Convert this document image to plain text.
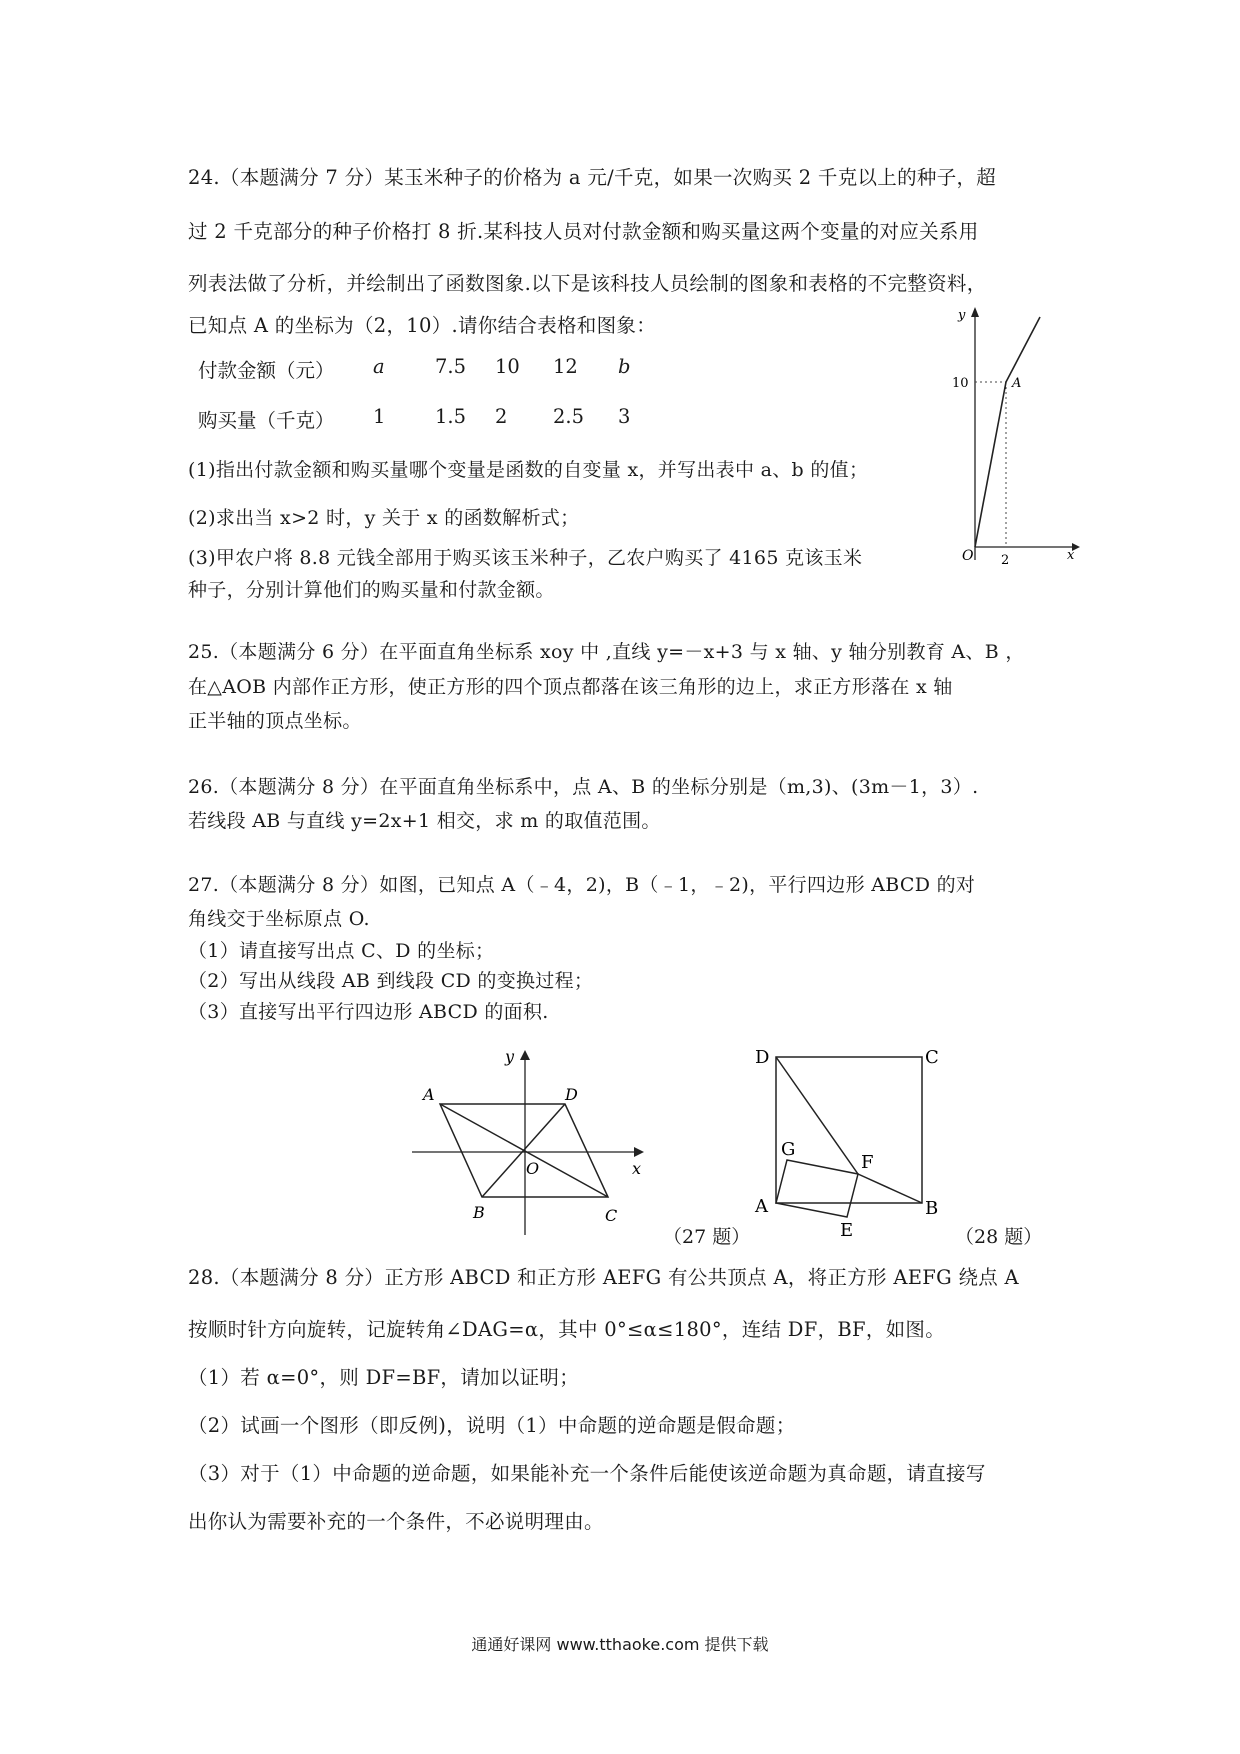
24.（本题满分 7 分）某玉米种子的价格为 a 元/千克，如果一次购买 2 千克以上的种子，超
过 2 千克部分的种子价格打 8 折.某科技人员对付款金额和购买量这两个变量的对应关系用
列表法做了分析，并绘制出了函数图象.以下是该科技人员绘制的图象和表格的不完整资料，
已知点 A 的坐标为（2，10）.请你结合表格和图象：
付款金额（元） a	7.5 10 12 b
购买量（千克） 1	1.5 2 2.5 3
(1)指出付款金额和购买量哪个变量是函数的自变量 x，并写出表中 a、b 的值；
(2)求出当 x>2 时，y 关于 x 的函数解析式；
(3)甲农户将 8.8 元钱全部用于购买该玉米种子，乙农户购买了 4165 克该玉米
种子，分别计算他们的购买量和付款金额。
y
x
O
10
2
A
25.（本题满分 6 分）在平面直角坐标系 xoy 中 ,直线 y=－x+3 与 x 轴、y 轴分别教育 A、B ，
在△AOB 内部作正方形，使正方形的四个顶点都落在该三角形的边上，求正方形落在 x 轴
正半轴的顶点坐标。
26.（本题满分 8 分）在平面直角坐标系中，点 A、B 的坐标分别是（m,3)、(3m－1，3）.
若线段 AB 与直线 y=2x+1 相交，求 m 的取值范围。
27.（本题满分 8 分）如图，已知点 A（﹣4，2)，B（﹣1，﹣2)，平行四边形 ABCD 的对
角线交于坐标原点 O.
（1）请直接写出点 C、D 的坐标；
（2）写出从线段 AB 到线段 CD 的变换过程；
（3）直接写出平行四边形 ABCD 的面积.
y
x
O
A
B	C
D
（27 题）
D	C
A	B
G
F
E	（28 题）
28.（本题满分 8 分）正方形 ABCD 和正方形 AEFG 有公共顶点 A，将正方形 AEFG 绕点 A
按顺时针方向旋转，记旋转角∠DAG=α，其中 0°≤α≤180°，连结 DF，BF，如图。
（1）若 α=0°，则 DF=BF，请加以证明；
（2）试画一个图形（即反例)，说明（1）中命题的逆命题是假命题；
（3）对于（1）中命题的逆命题，如果能补充一个条件后能使该逆命题为真命题，请直接写
出你认为需要补充的一个条件，不必说明理由。
通通好课网 www.tthaoke.com 提供下载
